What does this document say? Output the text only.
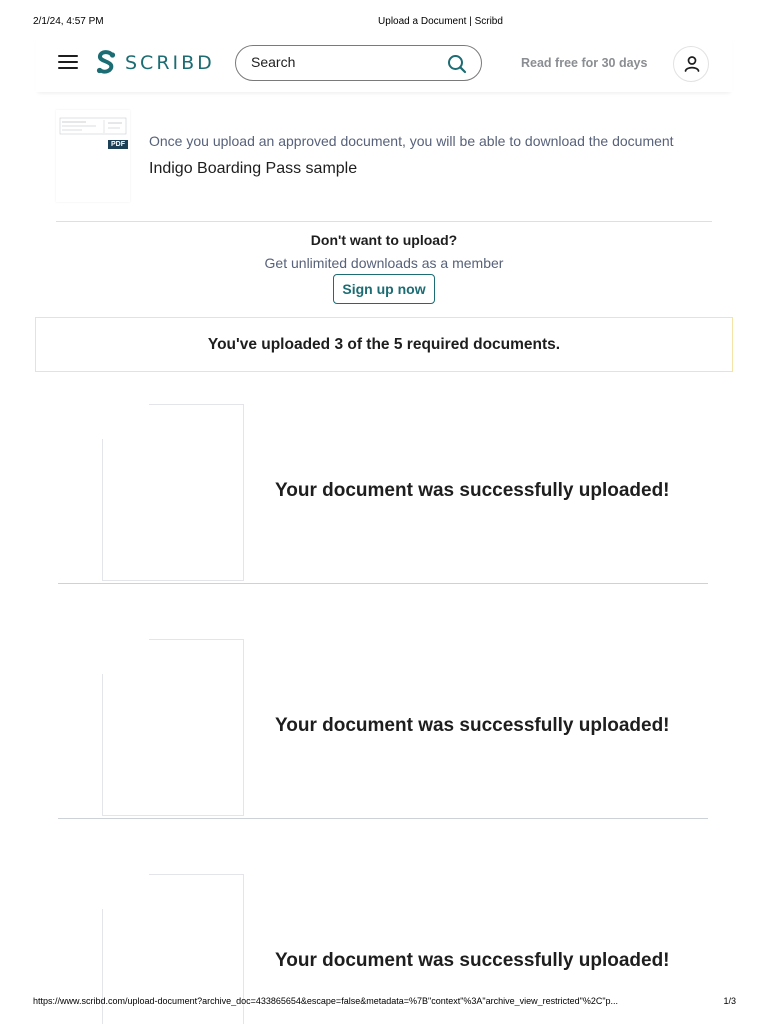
2/1/24, 4:57 PM	Upload a Document | Scribd
SCRIBD
Search	Read free for 30 days
PDF Once you upload an approved document, you will be able to download the document
Indigo Boarding Pass sample
Don't want to upload?
Get unlimited downloads as a member
Sign up now
You've uploaded 3 of the 5 required documents.
Your document was successfully uploaded!
Your document was successfully uploaded!
Your document was successfully uploaded!
https://www.scribd.com/upload-document?archive_doc=433865654&escape=false&metadata=%7B"context"%3A"archive_view_restricted"%2C"p...	1/3
